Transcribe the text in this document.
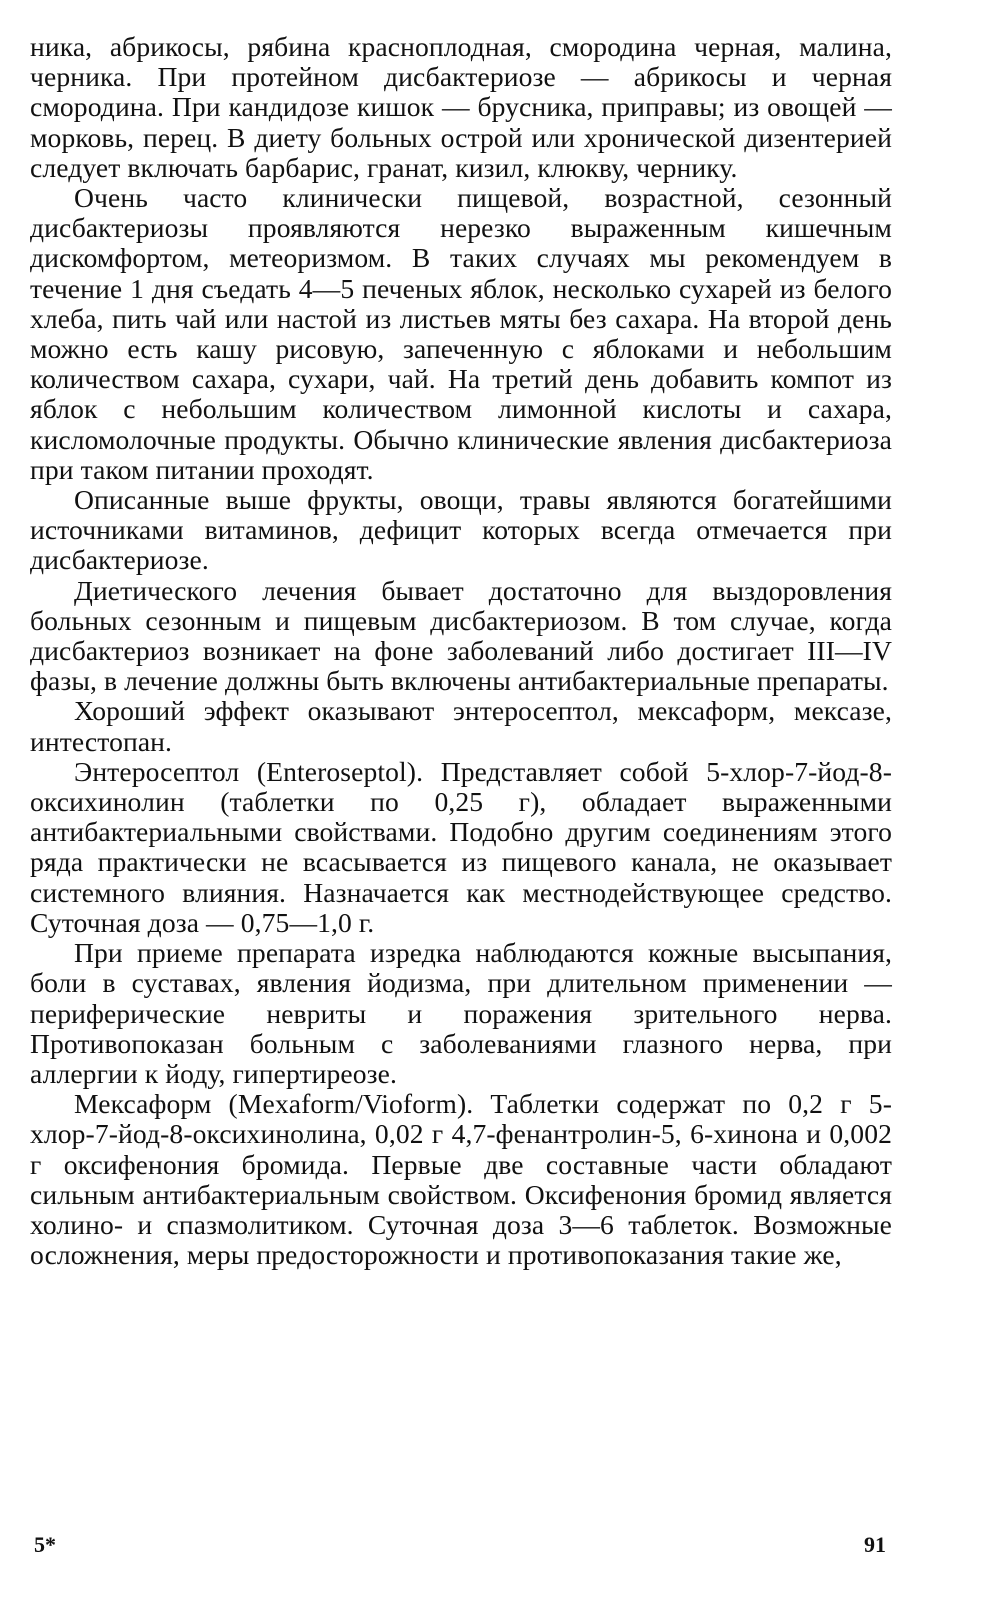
ника, абрикосы, рябина красноплодная, смородина черная, малина, черника. При протейном дисбактериозе — абрикосы и черная смородина. При кандидозе кишок — брусника, приправы; из овощей — морковь, перец. В диету больных острой или хронической дизентерией следует включать барбарис, гранат, кизил, клюкву, чернику.

Очень часто клинически пищевой, возрастной, сезонный дисбактериозы проявляются нерезко выраженным кишечным дискомфортом, метеоризмом. В таких случаях мы рекомендуем в течение 1 дня съедать 4—5 печеных яблок, несколько сухарей из белого хлеба, пить чай или настой из листьев мяты без сахара. На второй день можно есть кашу рисовую, запеченную с яблоками и небольшим количеством сахара, сухари, чай. На третий день добавить компот из яблок с небольшим количеством лимонной кислоты и сахара, кисломолочные продукты. Обычно клинические явления дисбактериоза при таком питании проходят.

Описанные выше фрукты, овощи, травы являются богатейшими источниками витаминов, дефицит которых всегда отмечается при дисбактериозе.

Диетического лечения бывает достаточно для выздоровления больных сезонным и пищевым дисбактериозом. В том случае, когда дисбактериоз возникает на фоне заболеваний либо достигает III—IV фазы, в лечение должны быть включены антибактериальные препараты.

Хороший эффект оказывают энтеросептол, мексаформ, мексазе, интестопан.

Энтеросептол (Enteroseptol). Представляет собой 5-хлор-7-йод-8-оксихинолин (таблетки по 0,25 г), обладает выраженными антибактериальными свойствами. Подобно другим соединениям этого ряда практически не всасывается из пищевого канала, не оказывает системного влияния. Назначается как местнодействующее средство. Суточная доза — 0,75—1,0 г.

При приеме препарата изредка наблюдаются кожные высыпания, боли в суставах, явления йодизма, при длительном применении — периферические невриты и поражения зрительного нерва. Противопоказан больным с заболеваниями глазного нерва, при аллергии к йоду, гипертиреозе.

Мексаформ (Mexaform/Vioform). Таблетки содержат по 0,2 г 5-хлор-7-йод-8-оксихинолина, 0,02 г 4,7-фенантролин-5, 6-хинона и 0,002 г оксифенония бромида. Первые две составные части обладают сильным антибактериальным свойством. Оксифенония бромид является холино- и спазмолитиком. Суточная доза 3—6 таблеток. Возможные осложнения, меры предосторожности и противопоказания такие же,

5*	91
